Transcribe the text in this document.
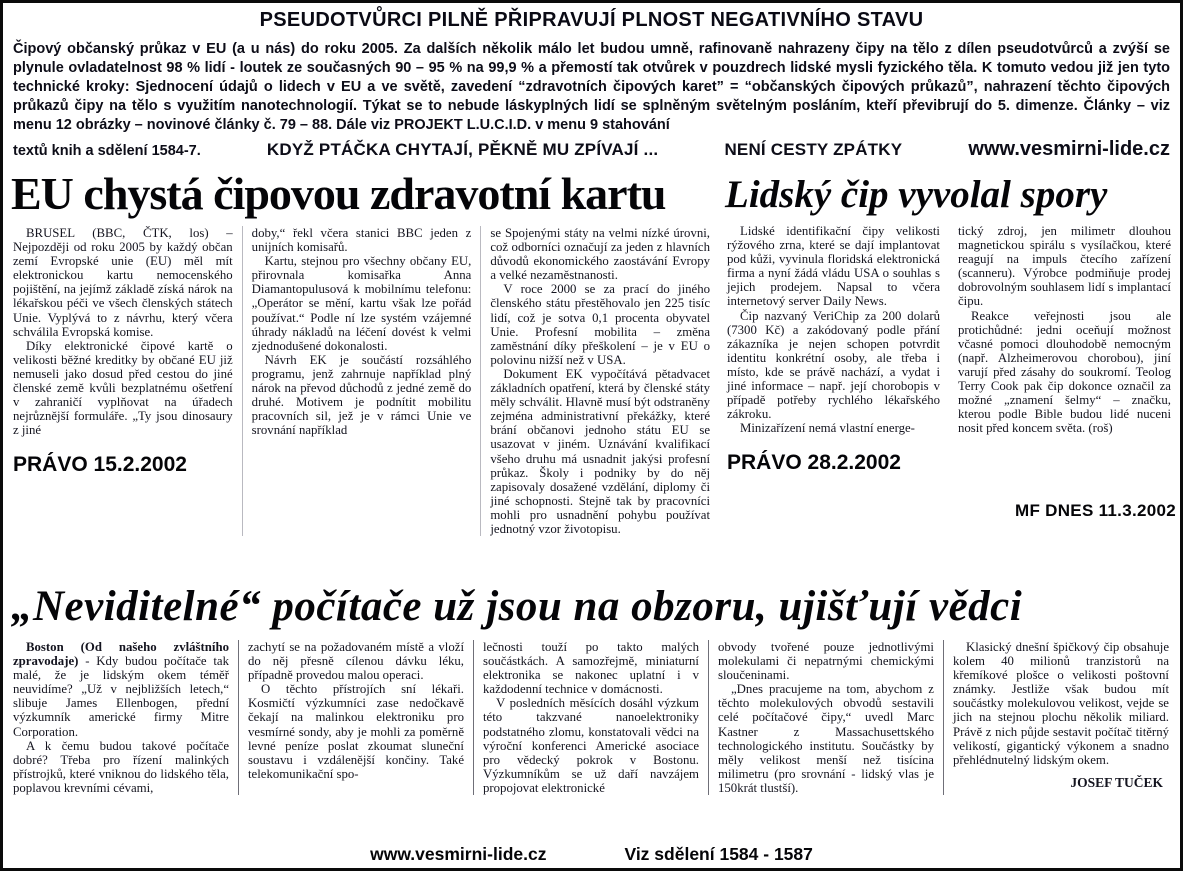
PSEUDOTVŮRCI PILNĚ PŘIPRAVUJÍ PLNOST NEGATIVNÍHO STAVU
Čipový občanský průkaz v EU (a u nás) do roku 2005. Za dalších několik málo let budou umně, rafinovaně nahrazeny čipy na tělo z dílen pseudotvůrců a zvýší se plynule ovladatelnost 98 % lidí - loutek ze současných 90 – 95 % na 99,9 % a přemostí tak otvůrek v pouzdrech lidské mysli fyzického těla. K tomuto vedou již jen tyto technické kroky: Sjednocení údajů o lidech v EU a ve světě, zavedení “zdravotních čipových karet” = “občanských čipových průkazů”, nahrazení těchto čipových průkazů čipy na tělo s využitím nanotechnologií. Týkat se to nebude láskyplných lidí se splněným světelným posláním, kteří převibrují do 5. dimenze. Články – viz menu 12 obrázky – novinové články č. 79 – 88. Dále viz PROJEKT L.U.C.I.D. v menu 9 stahování
textů knih a sdělení 1584-7.	KDYŽ PTÁČKA CHYTAJÍ, PĚKNĚ MU ZPÍVAJÍ ...	NENÍ CESTY ZPÁTKY	www.vesmirni-lide.cz
EU chystá čipovou zdravotní kartu

BRUSEL (BBC, ČTK, los) – Nejpozději od roku 2005 by každý občan zemí Evropské unie (EU) měl mít elektronickou kartu nemocenského pojištění, na jejímž základě získá nárok na lékařskou péči ve všech členských státech Unie. Vyplývá to z návrhu, který včera schválila Evropská komise.

Díky elektronické čipové kartě o velikosti běžné kreditky by občané EU již nemuseli jako dosud před cestou do jiné členské země kvůli bezplatnému ošetření v zahraničí vyplňovat na úřadech nejrůznější formuláře. „Ty jsou dinosaury z jiné

PRÁVO 15.2.2002

doby,“ řekl včera stanici BBC jeden z unijních komisařů.

Kartu, stejnou pro všechny občany EU, přirovnala komisařka Anna Diamantopulusová k mobilnímu telefonu: „Operátor se mění, kartu však lze pořád používat.“ Podle ní lze systém vzájemné úhrady nákladů na léčení dovést k velmi zjednodušené dokonalosti.

Návrh EK je součástí rozsáhlého programu, jenž zahrnuje například plný nárok na převod důchodů z jedné země do druhé. Motivem je podnítit mobilitu pracovních sil, jež je v rámci Unie ve srovnání například

se Spojenými státy na velmi nízké úrovni, což odborníci označují za jeden z hlavních důvodů ekonomického zaostávání Evropy a velké nezaměstnanosti.

V roce 2000 se za prací do jiného členského státu přestěhovalo jen 225 tisíc lidí, což je sotva 0,1 procenta obyvatel Unie. Profesní mobilita – změna zaměstnání díky přeškolení – je v EU o polovinu nižší než v USA.

Dokument EK vypočítává pětadvacet základních opatření, která by členské státy měly schválit. Hlavně musí být odstraněny zejména administrativní překážky, které brání občanovi jednoho státu EU se usazovat v jiném. Uznávání kvalifikací všeho druhu má usnadnit jakýsi profesní průkaz. Školy i podniky by do něj zapisovaly dosažené vzdělání, diplomy či jiné schopnosti. Stejně tak by pracovníci mohli pro usnadnění pohybu používat jednotný vzor životopisu.

Lidský čip vyvolal spory

Lidské identifikační čipy velikosti rýžového zrna, které se dají implantovat pod kůži, vyvinula floridská elektronická firma a nyní žádá vládu USA o souhlas s jejich prodejem. Napsal to včera internetový server Daily News.

Čip nazvaný VeriChip za 200 dolarů (7300 Kč) a zakódovaný podle přání zákazníka je nejen schopen potvrdit identitu konkrétní osoby, ale třeba i místo, kde se právě nachází, a vydat i jiné informace – např. její chorobopis v případě potřeby rychlého lékařského zákroku.

Minizařízení nemá vlastní energe-

PRÁVO 28.2.2002

tický zdroj, jen milimetr dlouhou magnetickou spirálu s vysílačkou, které reagují na impuls čtecího zařízení (scanneru). Výrobce podmiňuje prodej dobrovolným souhlasem lidí s implantací čipu.

Reakce veřejnosti jsou ale protichůdné: jedni oceňují možnost včasné pomoci dlouhodobě nemocným (např. Alzheimerovou chorobou), jiní varují před zásahy do soukromí. Teolog Terry Cook pak čip dokonce označil za možné „znamení šelmy“ – značku, kterou podle Bible budou lidé nuceni nosit před koncem světa. (roš)

MF DNES 11.3.2002
„Neviditelné“ počítače už jsou na obzoru, ujišťují vědci

Boston (Od našeho zvláštního zpravodaje) - Kdy budou počítače tak malé, že je lidským okem téměř neuvidíme? „Už v nejbližších letech,“ slibuje James Ellenbogen, přední výzkumník americké firmy Mitre Corporation.

A k čemu budou takové počítače dobré? Třeba pro řízení malinkých přístrojků, které vniknou do lidského těla, poplavou krevními cévami,

zachytí se na požadovaném místě a vloží do něj přesně cílenou dávku léku, případně provedou malou operaci.

O těchto přístrojích sní lékaři. Kosmičtí výzkumníci zase nedočkavě čekají na malinkou elektroniku pro vesmírné sondy, aby je mohli za poměrně levné peníze poslat zkoumat sluneční soustavu i vzdálenější končiny. Také telekomunikační spo-

lečnosti touží po takto malých součástkách. A samozřejmě, miniaturní elektronika se nakonec uplatní i v každodenní technice v domácnosti.

V posledních měsících dosáhl výzkum této takzvané nanoelektroniky podstatného zlomu, konstatovali vědci na výroční konferenci Americké asociace pro vědecký pokrok v Bostonu. Výzkumníkům se už daří navzájem propojovat elektronické

obvody tvořené pouze jednotlivými molekulami či nepatrnými chemickými sloučeninami.

„Dnes pracujeme na tom, abychom z těchto molekulových obvodů sestavili celé počítačové čipy,“ uvedl Marc Kastner z Massachusettského technologického institutu. Součástky by měly velikost menší než tisícina milimetru (pro srovnání - lidský vlas je 150krát tlustší).

Klasický dnešní špičkový čip obsahuje kolem 40 milionů tranzistorů na křemíkové plošce o velikosti poštovní známky. Jestliže však budou mít součástky molekulovou velikost, vejde se jich na stejnou plochu několik miliard. Právě z nich půjde sestavit počítač titěrný velikostí, gigantický výkonem a snadno přehlédnutelný lidským okem.

JOSEF TUČEK
www.vesmirni-lide.cz	Viz sdělení 1584 - 1587
